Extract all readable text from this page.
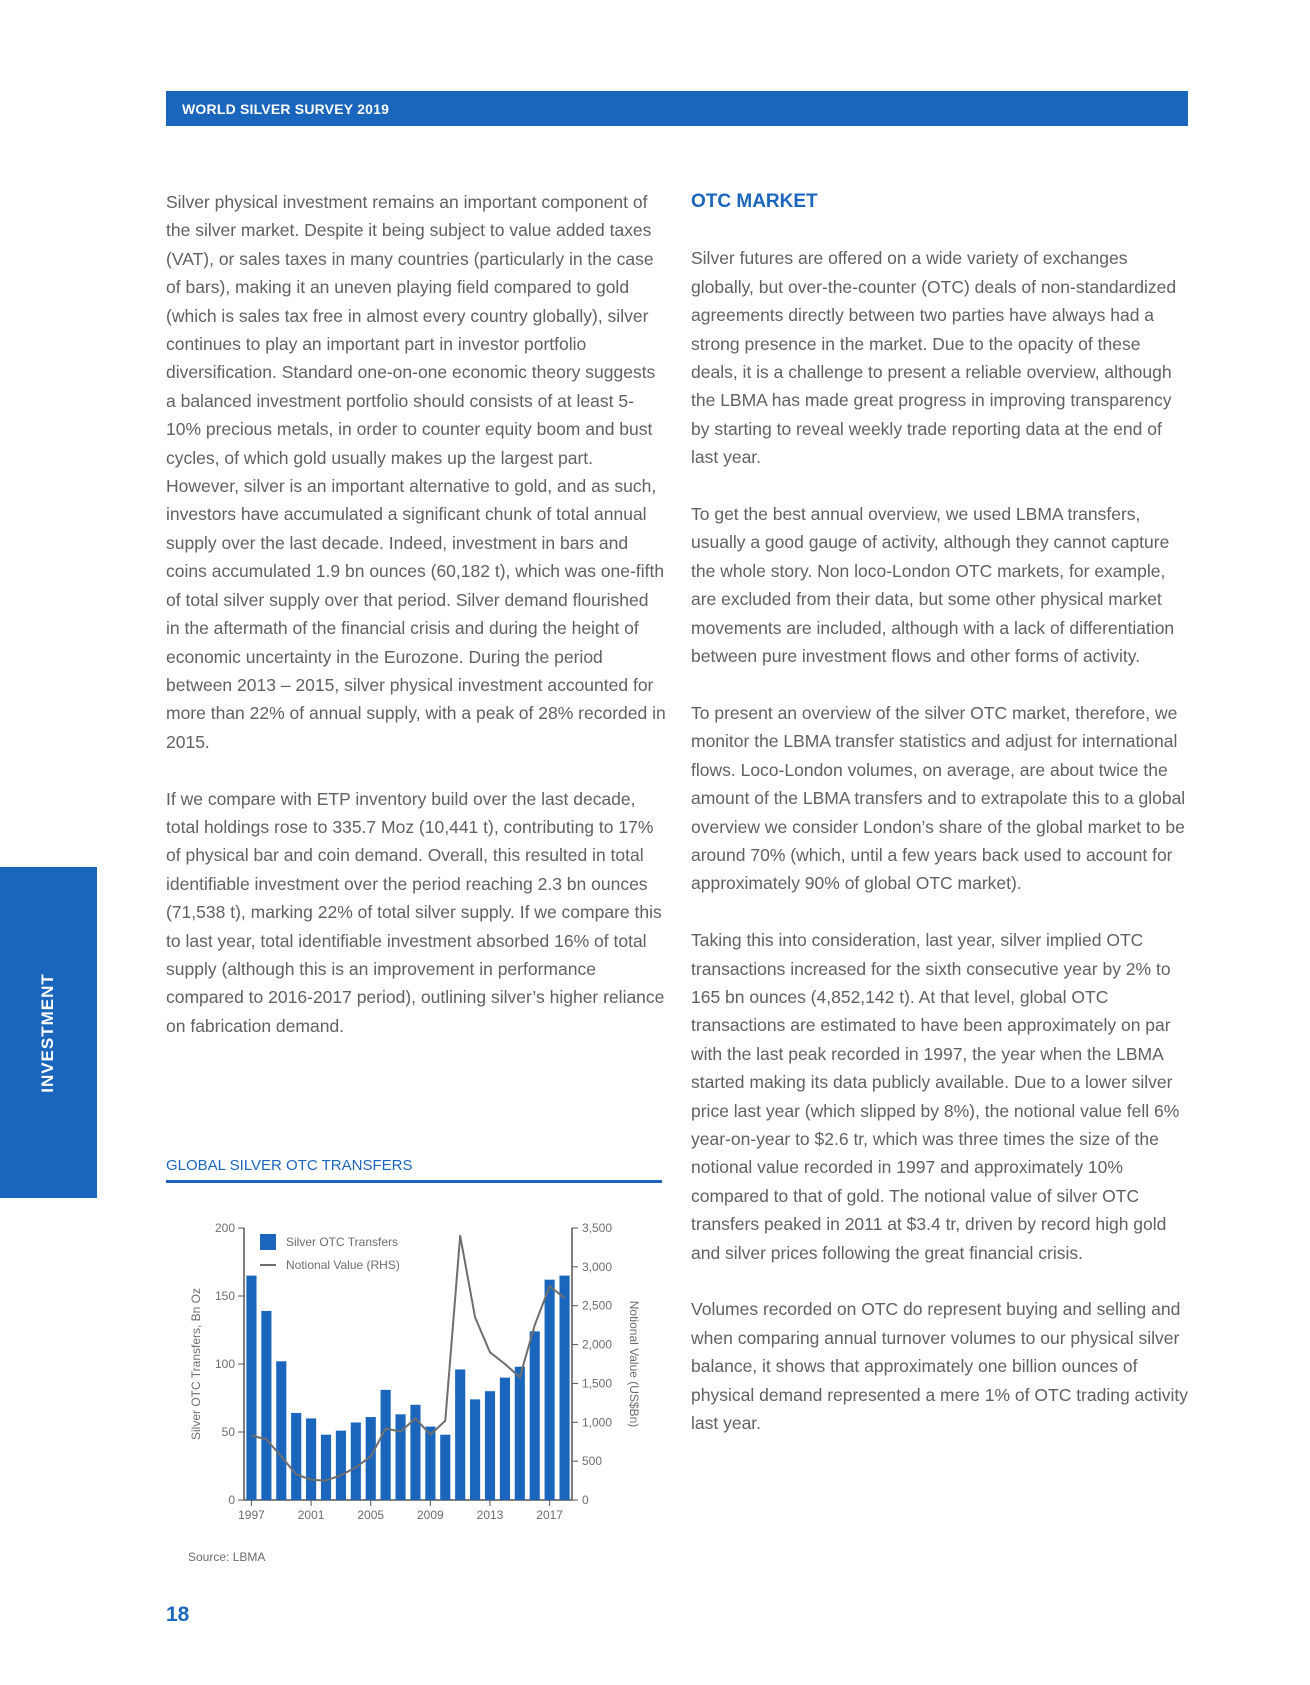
WORLD SILVER SURVEY 2019
INVESTMENT

Silver physical investment remains an important component of the silver market. Despite it being subject to value added taxes (VAT), or sales taxes in many countries (particularly in the case of bars), making it an uneven playing field compared to gold (which is sales tax free in almost every country globally), silver continues to play an important part in investor portfolio diversification. Standard one-on-one economic theory suggests a balanced investment portfolio should consists of at least 5-10% precious metals, in order to counter equity boom and bust cycles, of which gold usually makes up the largest part. However, silver is an important alternative to gold, and as such, investors have accumulated a significant chunk of total annual supply over the last decade. Indeed, investment in bars and coins accumulated 1.9 bn ounces (60,182 t), which was one-fifth of total silver supply over that period. Silver demand flourished in the aftermath of the financial crisis and during the height of economic uncertainty in the Eurozone. During the period between 2013 – 2015, silver physical investment accounted for more than 22% of annual supply, with a peak of 28% recorded in 2015.

If we compare with ETP inventory build over the last decade, total holdings rose to 335.7 Moz (10,441 t), contributing to 17% of physical bar and coin demand. Overall, this resulted in total identifiable investment over the period reaching 2.3 bn ounces (71,538 t), marking 22% of total silver supply. If we compare this to last year, total identifiable investment absorbed 16% of total supply (although this is an improvement in performance compared to 2016-2017 period), outlining silver’s higher reliance on fabrication demand.

OTC MARKET

Silver futures are offered on a wide variety of exchanges globally, but over-the-counter (OTC) deals of non-standardized agreements directly between two parties have always had a strong presence in the market. Due to the opacity of these deals, it is a challenge to present a reliable overview, although the LBMA has made great progress in improving transparency by starting to reveal weekly trade reporting data at the end of last year.

To get the best annual overview, we used LBMA transfers, usually a good gauge of activity, although they cannot capture the whole story. Non loco-London OTC markets, for example, are excluded from their data, but some other physical market movements are included, although with a lack of differentiation between pure investment flows and other forms of activity.

To present an overview of the silver OTC market, therefore, we monitor the LBMA transfer statistics and adjust for international flows. Loco-London volumes, on average, are about twice the amount of the LBMA transfers and to extrapolate this to a global overview we consider London’s share of the global market to be around 70% (which, until a few years back used to account for approximately 90% of global OTC market).

Taking this into consideration, last year, silver implied OTC transactions increased for the sixth consecutive year by 2% to 165 bn ounces (4,852,142 t). At that level, global OTC transactions are estimated to have been approximately on par with the last peak recorded in 1997, the year when the LBMA started making its data publicly available. Due to a lower silver price last year (which slipped by 8%), the notional value fell 6% year-on-year to $2.6 tr, which was three times the size of the notional value recorded in 1997 and approximately 10% compared to that of gold. The notional value of silver OTC transfers peaked in 2011 at $3.4 tr, driven by record high gold and silver prices following the great financial crisis.

Volumes recorded on OTC do represent buying and selling and when comparing annual turnover volumes to our physical silver balance, it shows that approximately one billion ounces of physical demand represented a mere 1% of OTC trading activity last year.

GLOBAL SILVER OTC TRANSFERS
0
50
100
150
200
0
500
1,000
1,500
2,000
2,500
3,000
3,500
1997	2001	2005	2009	2013	2017
Silver OTC Transfers, Bn Oz	Notional Value (US$Bn)
Silver OTC Transfers
Notional Value (RHS)
Source: LBMA
18
